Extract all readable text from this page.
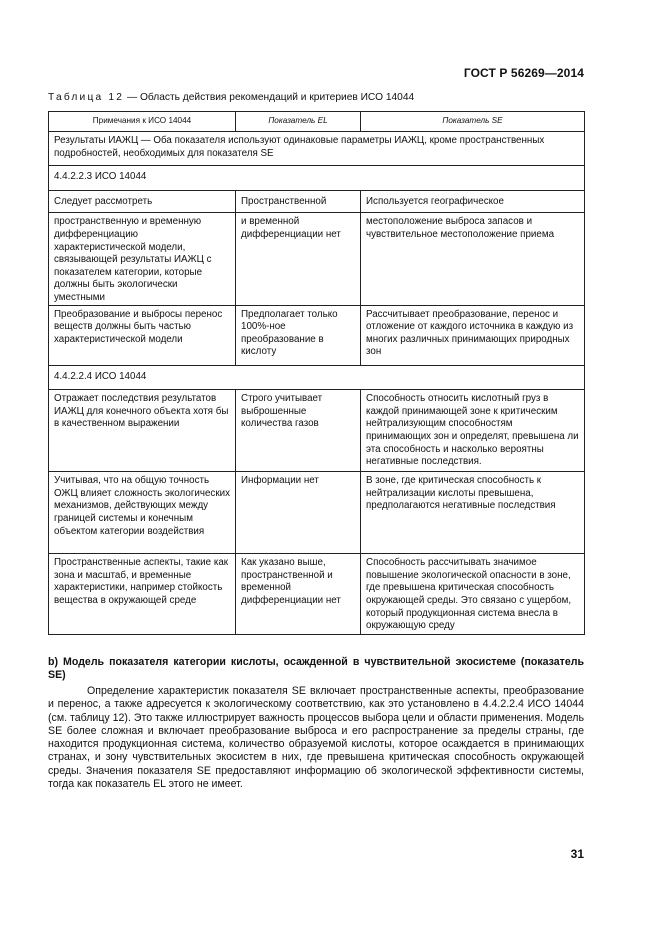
ГОСТ Р 56269—2014
Таблица 12 — Область действия рекомендаций и критериев ИСО 14044
Примечания к ИСО 14044	Показатель EL	Показатель SE
Результаты ИАЖЦ — Оба показателя используют одинаковые параметры ИАЖЦ, кроме пространственных подробностей, необходимых для показателя SE		
4.4.2.2.3 ИСО 14044		
Следует рассмотреть	Пространственной	Используется географическое
пространственную и временную дифференциацию характеристической модели, связывающей результаты ИАЖЦ с показателем категории, которые должны быть экологически уместными	и временной дифференциации нет	местоположение выброса запасов и чувствительное местоположение приема
Преобразование и выбросы перенос веществ должны быть частью характеристической модели	Предполагает только 100%-ное преобразование в кислоту	Рассчитывает преобразование, перенос и отложение от каждого источника в каждую из многих различных принимающих природных зон
4.4.2.2.4 ИСО 14044		
Отражает последствия результатов ИАЖЦ для конечного объекта хотя бы в качественном выражении	Строго учитывает выброшенные количества газов	Способность относить кислотный груз в каждой принимающей зоне к критическим нейтрализующим способностям принимающих зон и определят, превышена ли эта способность и насколько вероятны негативные последствия.
Учитывая, что на общую точность ОЖЦ влияет сложность экологических механизмов, действующих между границей системы и конечным объектом категории воздействия	Информации нет	В зоне, где критическая способность к нейтрализации кислоты превышена, предполагаются негативные последствия
Пространственные аспекты, такие как зона и масштаб, и временные характеристики, например стойкость вещества в окружающей среде	Как указано выше, пространственной и временной дифференциации нет	Способность рассчитывать значимое повышение экологической опасности в зоне, где превышена критическая способность окружающей среды. Это связано с ущербом, который продукционная система внесла в окружающую среду
b) Модель показателя категории кислоты, осажденной в чувствительной экосистеме (показатель SE)
Определение характеристик показателя SE включает пространственные аспекты, преобразование и перенос, а также адресуется к экологическому соответствию, как это установлено в 4.4.2.2.4 ИСО 14044 (см. таблицу 12). Это также иллюстрирует важность процессов выбора цели и области применения. Модель SE более сложная и включает преобразование выброса и его распространение за пределы страны, где находится продукционная система, количество образуемой кислоты, которое осаждается в принимающих странах, и зону чувствительных экосистем в них, где превышена критическая способность окружающей среды. Значения показателя SE предоставляют информацию об экологической эффективности системы, тогда как показатель EL этого не имеет.
31
